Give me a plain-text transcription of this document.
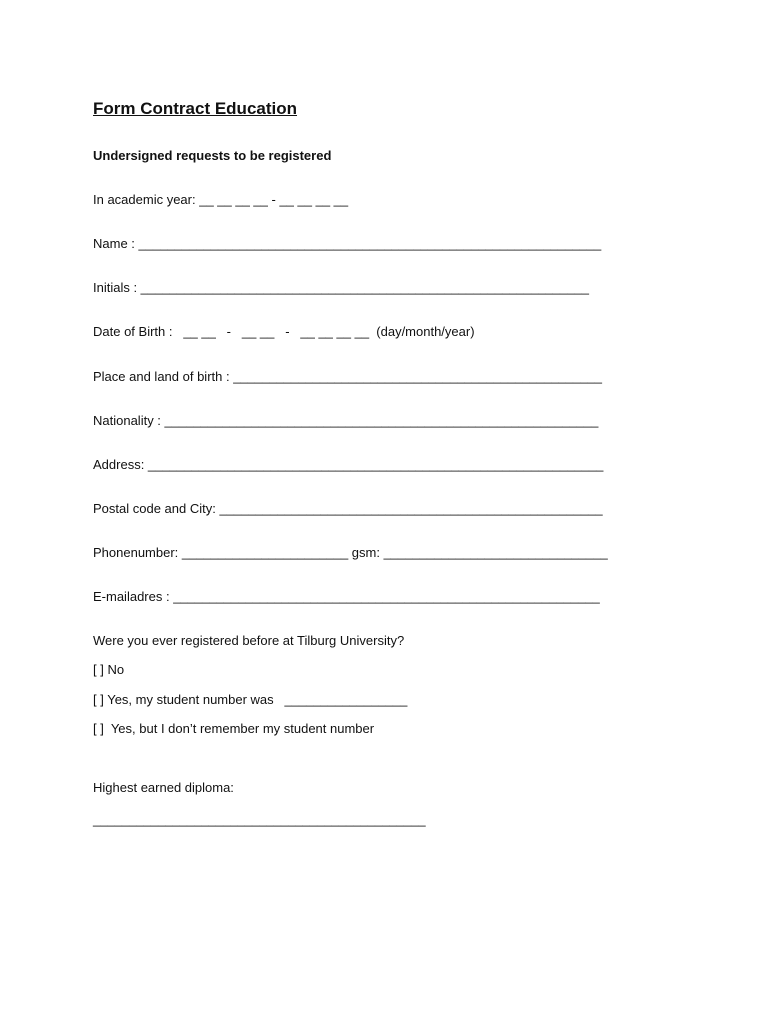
Form Contract Education
Undersigned requests to be registered
In academic year: __ __ __ __ - __ __ __ __
Name : ________________________________________________________________
Initials : ______________________________________________________________
Date of Birth :   __ __   -   __ __   -   __ __ __ __  (day/month/year)
Place and land of birth : ___________________________________________________
Nationality : ____________________________________________________________
Address: _______________________________________________________________
Postal code and City: _____________________________________________________
Phonenumber: _______________________ gsm: _______________________________
E-mailadres : ___________________________________________________________
Were you ever registered before at Tilburg University?
[ ] No
[ ] Yes, my student number was   _________________
[ ]  Yes, but I don’t remember my student number
Highest earned diploma:
______________________________________________
